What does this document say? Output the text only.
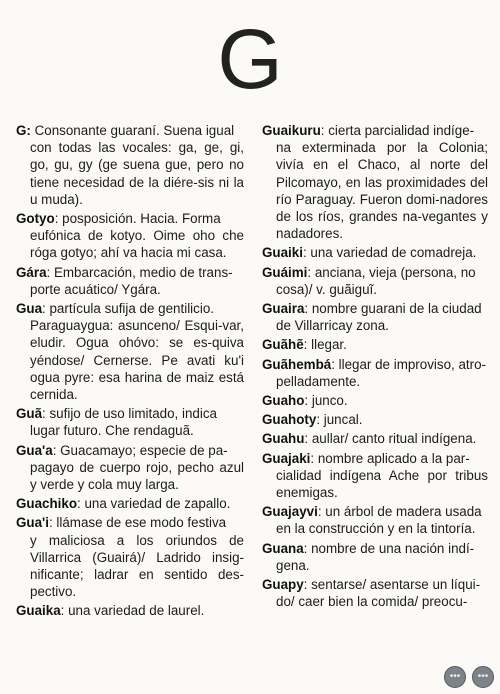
G
G: Consonante guaraní. Suena igual
con todas las vocales: ga, ge, gi, go, gu, gy (ge suena gue, pero no tiene necesidad de la diére-sis ni la u muda).
Gotyo: posposición. Hacia. Forma
eufónica de kotyo. Oime oho che róga gotyo; ahí va hacia mi casa.
Gára: Embarcación, medio de trans-
porte acuático/ Ygára.
Gua: partícula sufija de gentilicio.
Paraguaygua: asunceno/ Esqui-var, eludir. Ogua ohóvo: se es-quiva yéndose/ Cernerse. Pe avati ku'i ogua pyre: esa harina de maiz está cernida.
Guã: sufijo de uso limitado, indica
lugar futuro. Che rendaguã.
Gua'a: Guacamayo; especie de pa-
pagayo de cuerpo rojo, pecho azul y verde y cola muy larga.
Guachiko: una variedad de zapallo.
Gua'i: llámase de ese modo festiva
y maliciosa a los oriundos de Villarrica (Guairá)/ Ladrido insig-nificante; ladrar en sentido des-pectivo.
Guaika: una variedad de laurel.
Guaikuru: cierta parcialidad indíge-
na exterminada por la Colonia; vivía en el Chaco, al norte del Pilcomayo, en las proximidades del río Paraguay. Fueron domi-nadores de los ríos, grandes na-vegantes y nadadores.
Guaiki: una variedad de comadreja.
Guáimi: anciana, vieja (persona, no
cosa)/ v. guãiguĩ.
Guaira: nombre guarani de la ciudad
de Villarricay zona.
Guãhẽ: llegar.
Guãhembá: llegar de improviso, atro-
pelladamente.
Guaho: junco.
Guahoty: juncal.
Guahu: aullar/ canto ritual indígena.
Guajaki: nombre aplicado a la par-
cialidad indígena Ache por tribus enemigas.
Guajayvi: un árbol de madera usada
en la construcción y en la tintoría.
Guana: nombre de una nación indí-
gena.
Guapy: sentarse/ asentarse un líqui-
do/ caer bien la comida/ preocu-
••• •••
